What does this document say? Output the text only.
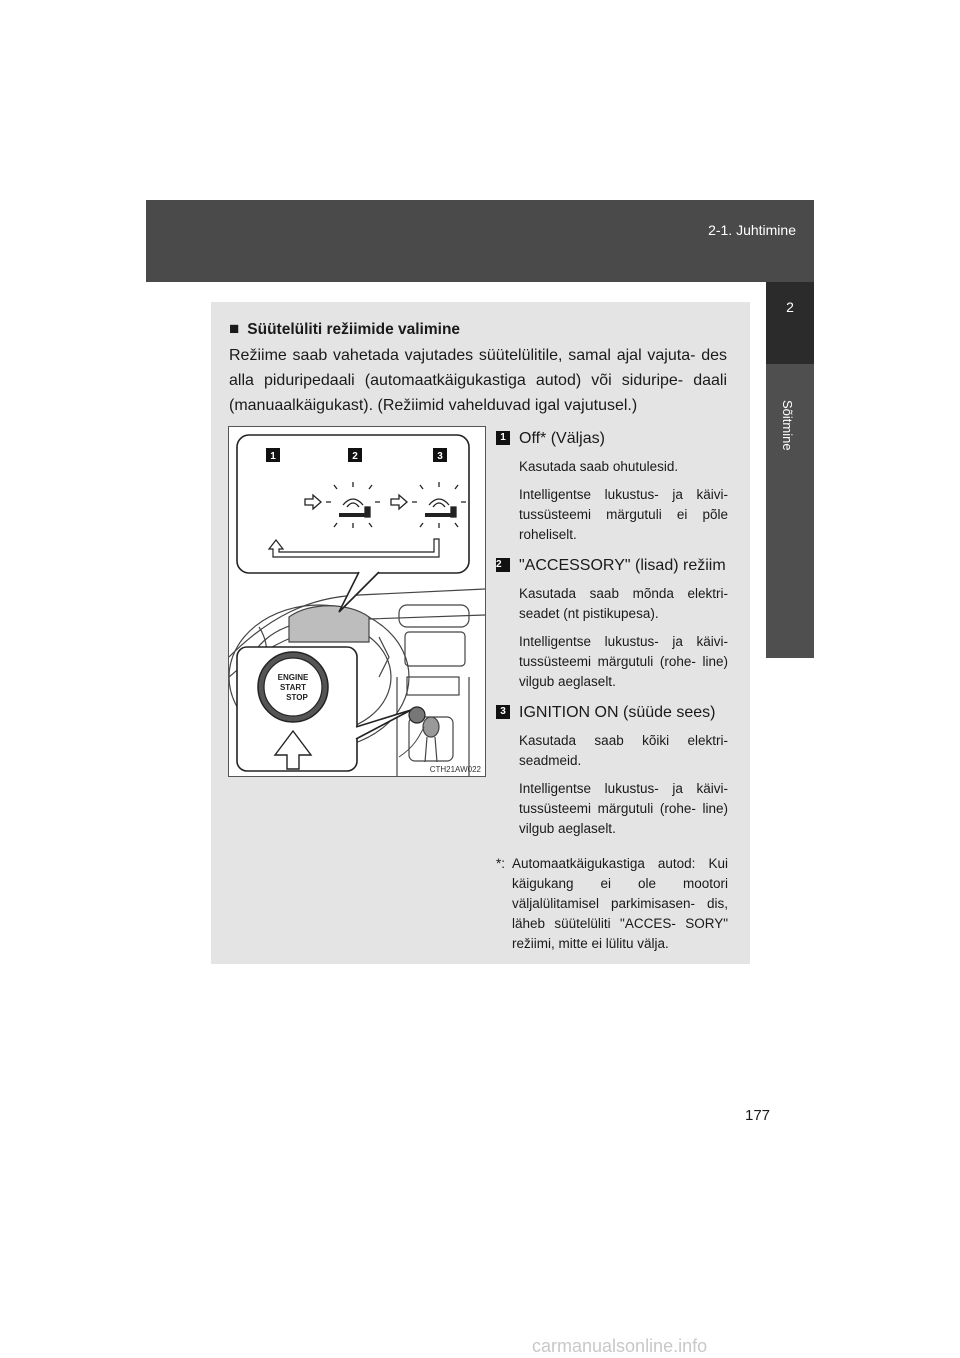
2-1. Juhtimine
2
Sõitmine
■ Süütelüliti režiimide valimine
Režiime saab vahetada vajutades süütelülitile, samal ajal vajuta- des alla piduripedaali (automaatkäigukastiga autod) või siduripe- daali (manuaalkäigukast). (Režiimid vahelduvad igal vajutusel.)
1	2	3
ENGINE
START
STOP
CTH21AW022
1 Off* (Väljas)

Kasutada saab ohutulesid.

Intelligentse lukustus- ja käivi- tussüsteemi märgutuli ei põle roheliselt.

2	"ACCESSORY" (lisad) režiim

Kasutada saab mõnda elektri- seadet (nt pistikupesa).

Intelligentse lukustus- ja käivi- tussüsteemi märgutuli (rohe- line) vilgub aeglaselt.

3 IGNITION ON (süüde sees)

Kasutada saab kõiki elektri- seadmeid.

Intelligentse lukustus- ja käivi- tussüsteemi märgutuli (rohe- line) vilgub aeglaselt.

*: Automaatkäigukastiga autod: Kui käigukang ei ole mootori väljalülitamisel parkimisasen- dis, läheb süütelüliti "ACCES- SORY" režiimi, mitte ei lülitu välja.
177
carmanualsonline.info
